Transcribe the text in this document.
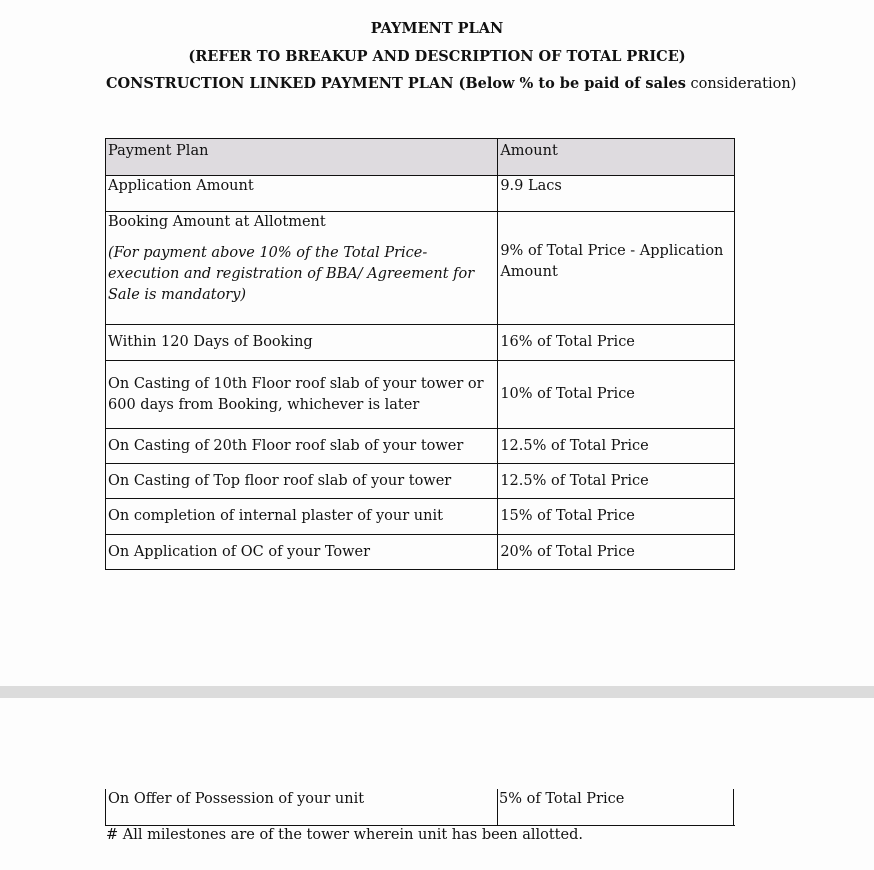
PAYMENT PLAN
(REFER TO BREAKUP AND DESCRIPTION OF TOTAL PRICE)
CONSTRUCTION LINKED PAYMENT PLAN (Below % to be paid of sales consideration)
Payment Plan	Amount
Application Amount	9.9 Lacs
Booking Amount at Allotment
(For payment above 10% of the Total Price- execution and registration of BBA/ Agreement for Sale is mandatory)	9% of Total Price - Application Amount

Within 120 Days of Booking	16% of Total Price
On Casting of 10th Floor roof slab of your tower or 600 days from Booking, whichever is later	10% of Total Price
On Casting of 20th Floor roof slab of your tower	12.5% of Total Price
On Casting of Top floor roof slab of your tower	12.5% of Total Price
On completion of internal plaster of your unit	15% of Total Price
On Application of OC of your Tower	20% of Total Price
On Offer of Possession of your unit	5% of Total Price
# All milestones are of the tower wherein unit has been allotted.
